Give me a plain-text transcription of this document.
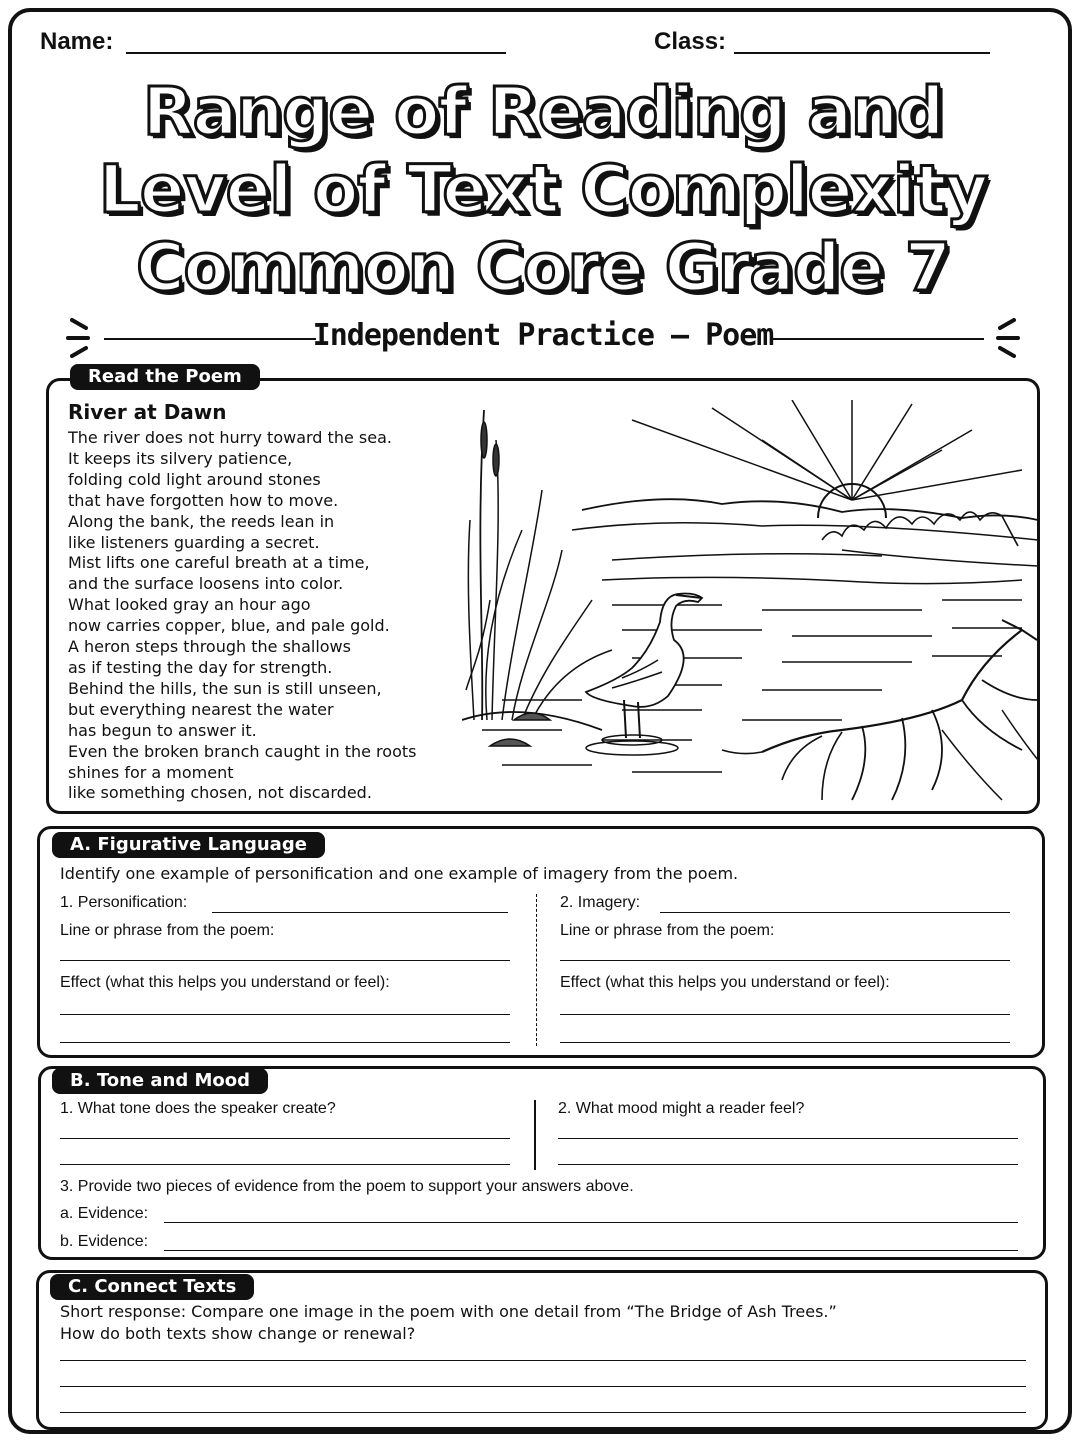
Name:	Class:
Range of Reading and
Level of Text Complexity
Common Core Grade 7
Independent Practice — Poem
Read the Poem
River at Dawn
The river does not hurry toward the sea.
It keeps its silvery patience,
folding cold light around stones
that have forgotten how to move.
Along the bank, the reeds lean in
like listeners guarding a secret.
Mist lifts one careful breath at a time,
and the surface loosens into color.
What looked gray an hour ago
now carries copper, blue, and pale gold.
A heron steps through the shallows
as if testing the day for strength.
Behind the hills, the sun is still unseen,
but everything nearest the water
has begun to answer it.
Even the broken branch caught in the roots
shines for a moment
like something chosen, not discarded.
A. Figurative Language
Identify one example of personification and one example of imagery from the poem.
1. Personification:
Line or phrase from the poem:
Effect (what this helps you understand or feel):
2. Imagery:
Line or phrase from the poem:
Effect (what this helps you understand or feel):
B. Tone and Mood
1. What tone does the speaker create?	2. What mood might a reader feel?
3. Provide two pieces of evidence from the poem to support your answers above.
a. Evidence:
b. Evidence:
C. Connect Texts
Short response: Compare one image in the poem with one detail from “The Bridge of Ash Trees.”
How do both texts show change or renewal?
